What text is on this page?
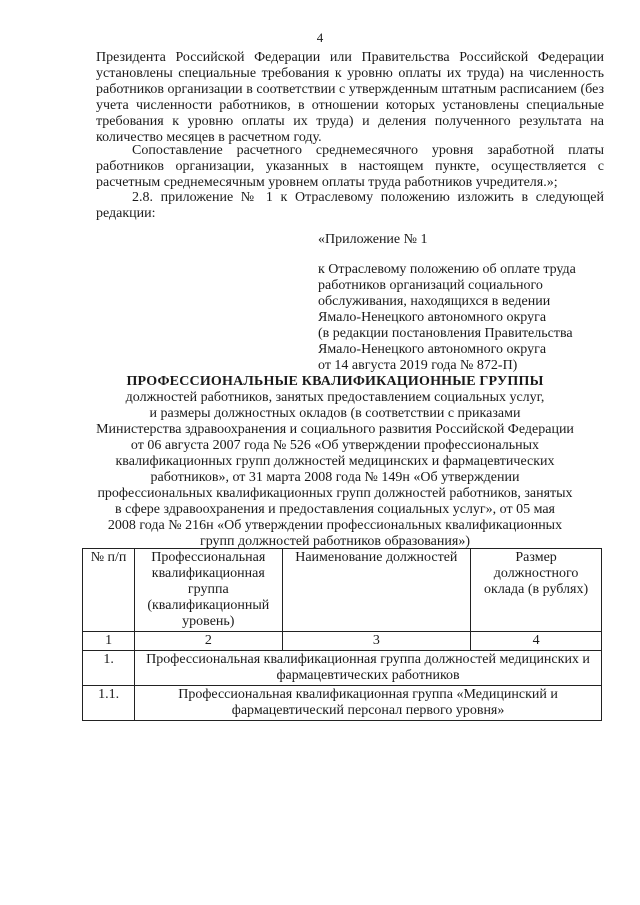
4

Президента Российской Федерации или Правительства Российской Федерации установлены специальные требования к уровню оплаты их труда) на численность работников организации в соответствии с утвержденным штатным расписанием (без учета численности работников, в отношении которых установлены специальные требования к уровню оплаты их труда) и деления полученного результата на количество месяцев в расчетном году.

Сопоставление расчетного среднемесячного уровня заработной платы работников организации, указанных в настоящем пункте, осуществляется с расчетным среднемесячным уровнем оплаты труда работников учредителя.»;

2.8. приложение № 1 к Отраслевому положению изложить в следующей редакции:

«Приложение № 1
к Отраслевому положению об оплате труда
работников организаций социального
обслуживания, находящихся в ведении
Ямало-Ненецкого автономного округа
(в редакции постановления Правительства
Ямало-Ненецкого автономного округа
от 14 августа 2019 года № 872-П)
ПРОФЕССИОНАЛЬНЫЕ КВАЛИФИКАЦИОННЫЕ ГРУППЫ
должностей работников, занятых предоставлением социальных услуг,
и размеры должностных окладов (в соответствии с приказами
Министерства здравоохранения и социального развития Российской Федерации
от 06 августа 2007 года № 526 «Об утверждении профессиональных
квалификационных групп должностей медицинских и фармацевтических
работников», от 31 марта 2008 года № 149н «Об утверждении
профессиональных квалификационных групп должностей работников, занятых
в сфере здравоохранения и предоставления социальных услуг», от 05 мая
2008 года № 216н «Об утверждении профессиональных квалификационных
групп должностей работников образования»)
№ п/п	Профессиональная квалификационная группа (квалификационный уровень)	Наименование должностей	Размер должностного оклада (в рублях)
1	2	3	4
1.	Профессиональная квалификационная группа должностей медицинских и фармацевтических работников		
1.1.	Профессиональная квалификационная группа «Медицинский и фармацевтический персонал первого уровня»		
